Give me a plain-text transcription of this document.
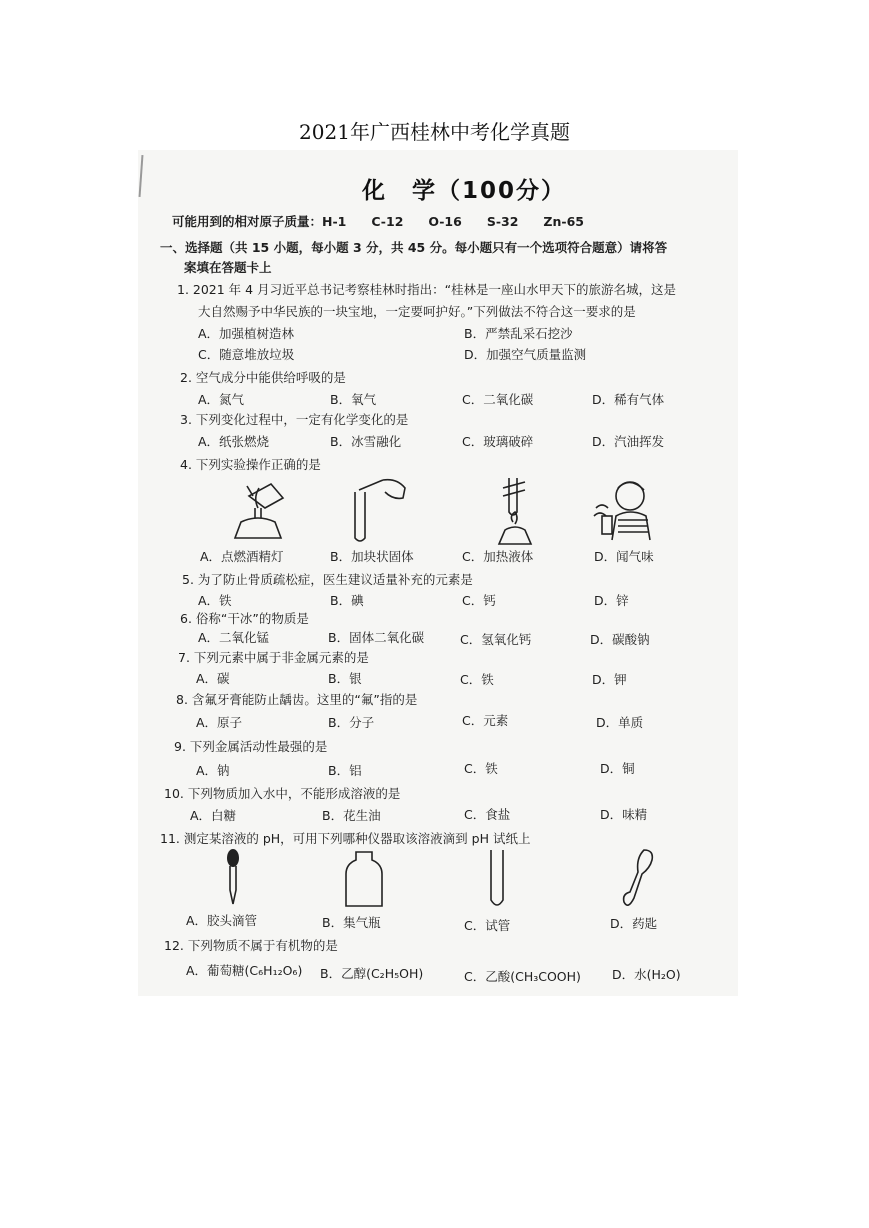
2021年广西桂林中考化学真题
化　学（100分）
可能用到的相对原子质量：H-1　　C-12　　O-16　　S-32　　Zn-65
一、选择题（共 15 小题，每小题 3 分，共 45 分。每小题只有一个选项符合题意）请将答
案填在答题卡上
1. 2021 年 4 月习近平总书记考察桂林时指出：“桂林是一座山水甲天下的旅游名城，这是
大自然赐予中华民族的一块宝地，一定要呵护好。”下列做法不符合这一要求的是
A．加强植树造林	B．严禁乱采石挖沙
C．随意堆放垃圾	D．加强空气质量监测
2. 空气成分中能供给呼吸的是
A．氮气	B．氧气	C．二氧化碳	D．稀有气体
3. 下列变化过程中，一定有化学变化的是
A．纸张燃烧	B．冰雪融化	C．玻璃破碎	D．汽油挥发
4. 下列实验操作正确的是
A．点燃酒精灯	B．加块状固体	C．加热液体	D．闻气味
5. 为了防止骨质疏松症，医生建议适量补充的元素是
A．铁	B．碘	C．钙	D．锌
6. 俗称“干冰”的物质是
A．二氧化锰	B．固体二氧化碳	C．氢氧化钙	D．碳酸钠
7. 下列元素中属于非金属元素的是
A．碳	B．银	C．铁	D．钾
8. 含氟牙膏能防止龋齿。这里的“氟”指的是
A．原子	B．分子	C．元素	D．单质
9. 下列金属活动性最强的是
A．钠	B．铝	C．铁	D．铜
10. 下列物质加入水中，不能形成溶液的是
A．白糖	B．花生油	C．食盐	D．味精
11. 测定某溶液的 pH，可用下列哪种仪器取该溶液滴到 pH 试纸上
A．胶头滴管	B．集气瓶	C．试管	D．药匙
12. 下列物质不属于有机物的是
A．葡萄糖(C₆H₁₂O₆) B．乙醇(C₂H₅OH)	C．乙酸(CH₃COOH) D．水(H₂O)
